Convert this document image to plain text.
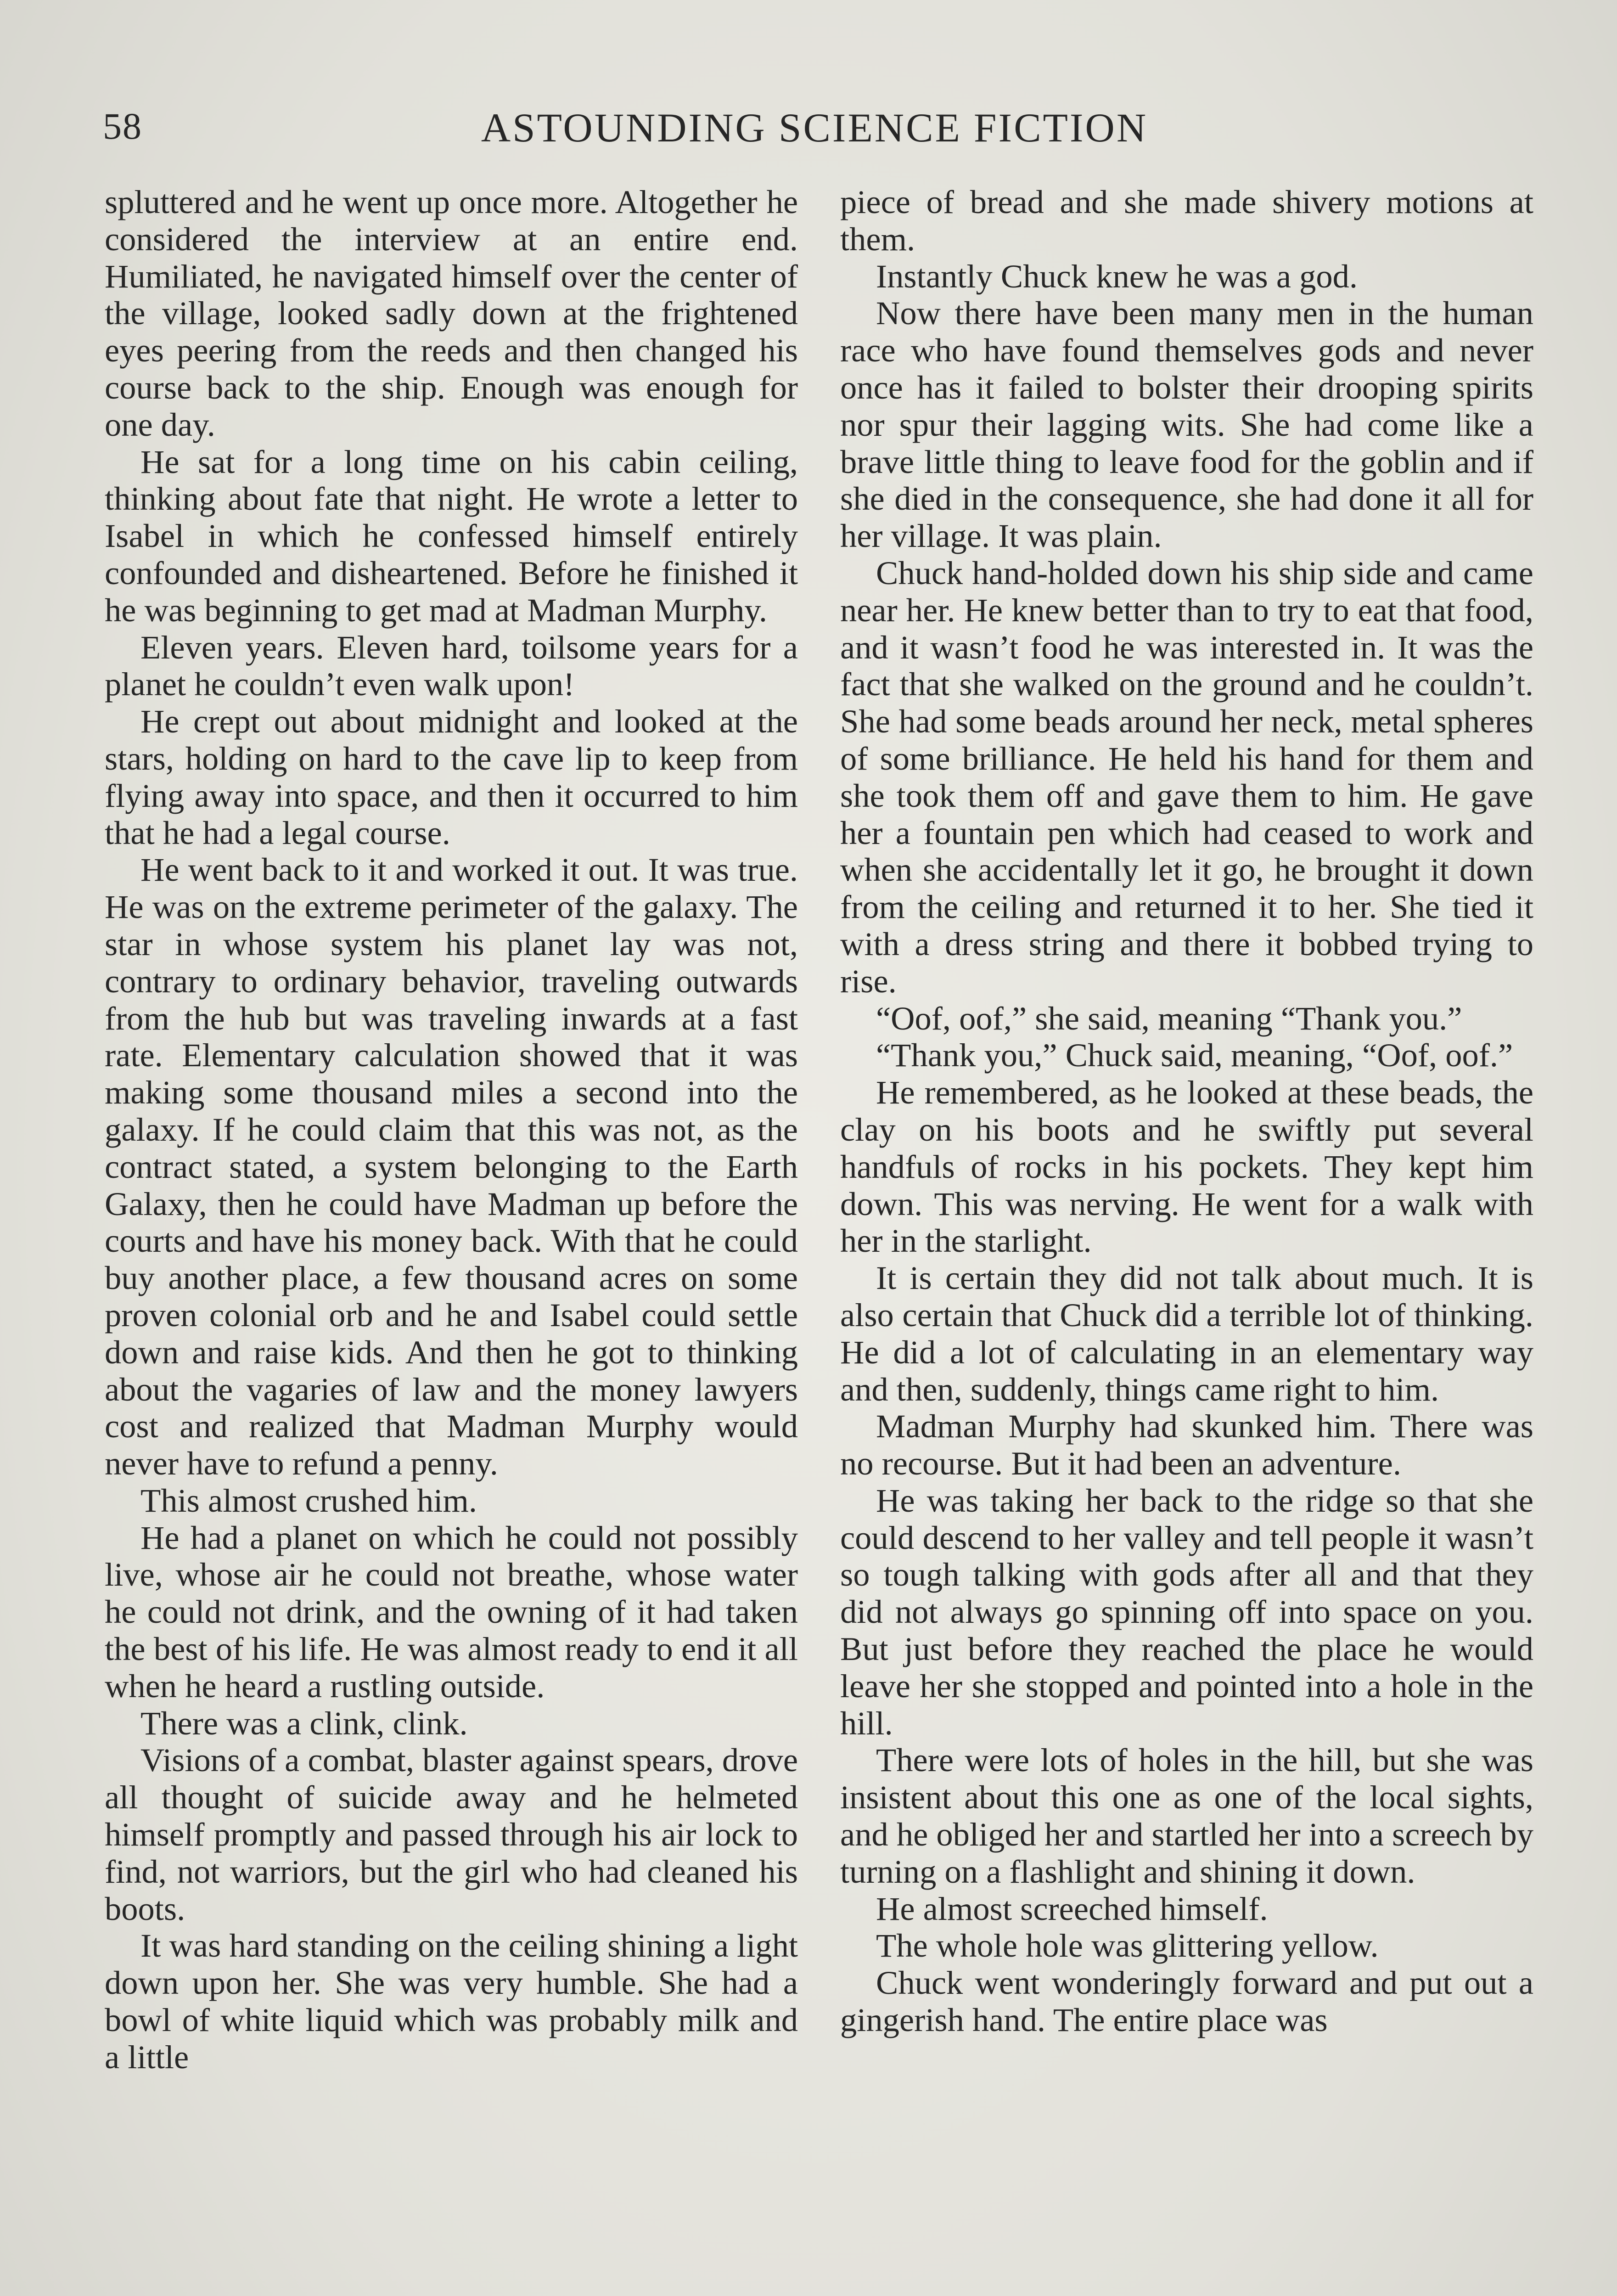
58	ASTOUNDING SCIENCE FICTION

spluttered and he went up once more. Altogether he considered the interview at an entire end. Humiliated, he navigated himself over the center of the village, looked sadly down at the frightened eyes peering from the reeds and then changed his course back to the ship. Enough was enough for one day.

He sat for a long time on his cabin ceiling, thinking about fate that night. He wrote a letter to Isabel in which he confessed himself entirely confounded and disheartened. Before he finished it he was beginning to get mad at Madman Murphy.

Eleven years. Eleven hard, toilsome years for a planet he couldn’t even walk upon!

He crept out about midnight and looked at the stars, holding on hard to the cave lip to keep from flying away into space, and then it occurred to him that he had a legal course.

He went back to it and worked it out. It was true. He was on the extreme perimeter of the galaxy. The star in whose system his planet lay was not, contrary to ordinary behavior, traveling outwards from the hub but was traveling inwards at a fast rate. Elementary calculation showed that it was making some thousand miles a second into the galaxy. If he could claim that this was not, as the contract stated, a system belonging to the Earth Galaxy, then he could have Madman up before the courts and have his money back. With that he could buy another place, a few thousand acres on some proven colonial orb and he and Isabel could settle down and raise kids. And then he got to thinking about the vagaries of law and the money lawyers cost and realized that Madman Murphy would never have to refund a penny.

This almost crushed him.

He had a planet on which he could not possibly live, whose air he could not breathe, whose water he could not drink, and the owning of it had taken the best of his life. He was almost ready to end it all when he heard a rustling outside.

There was a clink, clink.

Visions of a combat, blaster against spears, drove all thought of suicide away and he helmeted himself promptly and passed through his air lock to find, not warriors, but the girl who had cleaned his boots.

It was hard standing on the ceiling shining a light down upon her. She was very humble. She had a bowl of white liquid which was probably milk and a little

piece of bread and she made shivery motions at them.

Instantly Chuck knew he was a god.

Now there have been many men in the human race who have found themselves gods and never once has it failed to bolster their drooping spirits nor spur their lagging wits. She had come like a brave little thing to leave food for the goblin and if she died in the consequence, she had done it all for her village. It was plain.

Chuck hand-holded down his ship side and came near her. He knew better than to try to eat that food, and it wasn’t food he was interested in. It was the fact that she walked on the ground and he couldn’t. She had some beads around her neck, metal spheres of some brilliance. He held his hand for them and she took them off and gave them to him. He gave her a fountain pen which had ceased to work and when she accidentally let it go, he brought it down from the ceiling and returned it to her. She tied it with a dress string and there it bobbed trying to rise.

“Oof, oof,” she said, meaning “Thank you.”

“Thank you,” Chuck said, meaning, “Oof, oof.”

He remembered, as he looked at these beads, the clay on his boots and he swiftly put several handfuls of rocks in his pockets. They kept him down. This was nerving. He went for a walk with her in the starlight.

It is certain they did not talk about much. It is also certain that Chuck did a terrible lot of thinking. He did a lot of calculating in an elementary way and then, suddenly, things came right to him.

Madman Murphy had skunked him. There was no recourse. But it had been an adventure.

He was taking her back to the ridge so that she could descend to her valley and tell people it wasn’t so tough talking with gods after all and that they did not always go spinning off into space on you. But just before they reached the place he would leave her she stopped and pointed into a hole in the hill.

There were lots of holes in the hill, but she was insistent about this one as one of the local sights, and he obliged her and startled her into a screech by turning on a flashlight and shining it down.

He almost screeched himself.

The whole hole was glittering yellow.

Chuck went wonderingly forward and put out a gingerish hand. The entire place was
